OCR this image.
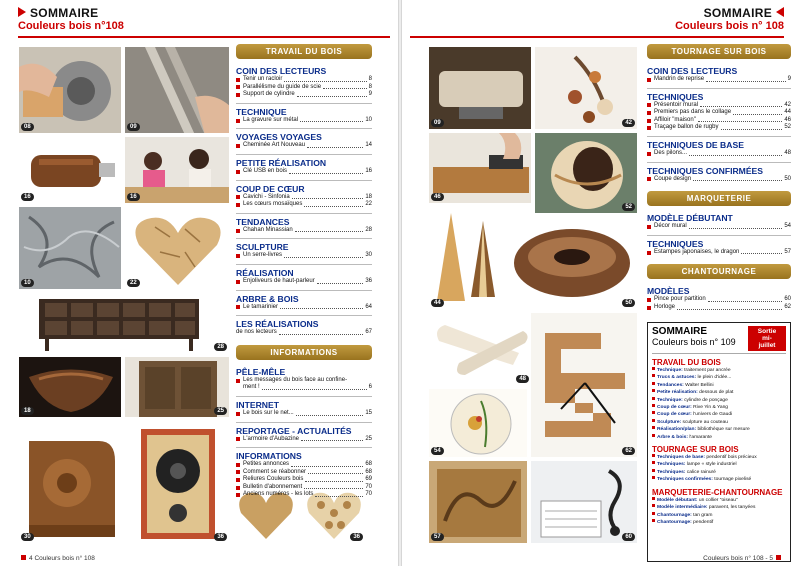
SOMMAIRE
Couleurs bois n°108
08	09
16	16
10	22
28
18	25
30	36	36
TRAVAIL DU BOIS
COIN DES LECTEURS
Tenir un racloir	8
Parallélisme du guide de scie	8
Support de cylindre	9
TECHNIQUE
La gravure sur métal	10
VOYAGES VOYAGES
Cheminée Art Nouveau	14
PETITE RÉALISATION
Clé USB en bois	16
COUP DE CŒUR
Cavichi - Sinfonia	18
Les cœurs mosaïques	22
TENDANCES
Chahan Minassian	28
SCULPTURE
Un serre-livres	30
RÉALISATION
Enjoliveurs de haut-parleur	36
ARBRE & BOIS
Le tamarinier	64
LES RÉALISATIONS
de nos lecteurs	67
INFORMATIONS
PÊLE-MÊLE
Les messages du bois face au confine-
ment !	6
INTERNET
Le bois sur le net...	15
REPORTAGE - ACTUALITÉS
L'armoire d'Aubazine	25
INFORMATIONS
Petites annonces	68
Comment se réabonner	68
Reliures Couleurs bois	69
Bulletin d'abonnement	70
Anciens numéros - les lots	70
4 Couleurs bois n° 108
SOMMAIRE
Couleurs bois n° 108
09	42
46
52
44	50
48
54	62
57	60
TOURNAGE SUR BOIS
COIN DES LECTEURS
Mandrin de reprise	9
TECHNIQUES
Présentoir mural	42
Premiers pas dans le collage	44
Affiloir "maison"	46
Traçage ballon de rugby	52
TECHNIQUES DE BASE
Des pilons...	48
TECHNIQUES CONFIRMÉES
Coupe design	50
MARQUETERIE
MODÈLE DÉBUTANT
Décor mural	54
TECHNIQUES
Estampes japonaises, le dragon	57
CHANTOURNAGE
MODÈLES
Pince pour partition	60
Horloge	62
SOMMAIRE
Couleurs bois n° 109
Sortie
mi-
juillet
TRAVAIL DU BOIS
Technique: traitement par ancrée
Trucs & astuces: le plein d'idée...
Tendances: Walter Bellini
Petite réalisation: dessous de plat
Technique: cylindre de ponçage
Coup de cœur: Rive Yin & Yang
Coup de cœur: l'univers de Gaudi
Sculpture: sculpture au couteau
Réalisation/plan: bibliothèque sur mesure
Arbre & bois: l'amarante
TOURNAGE SUR BOIS
Techniques de base: pendentif bois précieux
Techniques: lampe « style industriel
Techniques: calice rainuré
Techniques confirmées: tournage pixelisé
MARQUETERIE-CHANTOURNAGE
Modèle débutant: un collier "oiseau"
Modèle intermédiaire: paravent, les tanyées
Chantournage: tan gram
Chantournage: pendentif
Couleurs bois n° 108 - 5
